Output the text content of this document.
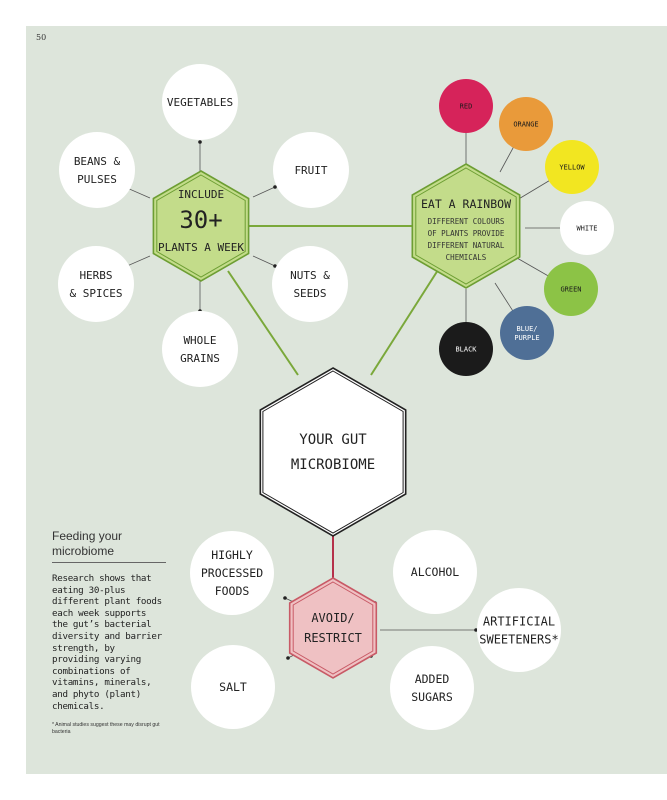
50
VEGETABLES
FRUIT
NUTS &
SEEDS
WHOLE
GRAINS
HERBS
& SPICES
BEANS &
PULSES
RED
ORANGE
YELLOW
WHITE
GREEN
BLUE/
PURPLE
BLACK
HIGHLY
PROCESSED
FOODS
ALCOHOL
ARTIFICIAL
SWEETENERS*
ADDED
SUGARS
SALT
INCLUDE
30+
PLANTS A WEEK
EAT A RAINBOW
DIFFERENT COLOURS
OF PLANTS PROVIDE
DIFFERENT NATURAL
CHEMICALS
YOUR GUT
MICROBIOME
AVOID/
RESTRICT
Feeding your
microbiome
Research shows that eating 30-plus different plant foods each week supports the gut’s bacterial diversity and barrier strength, by providing varying combinations of vitamins, minerals, and phyto (plant) chemicals.
* Animal studies suggest these may disrupt gut bacteria
